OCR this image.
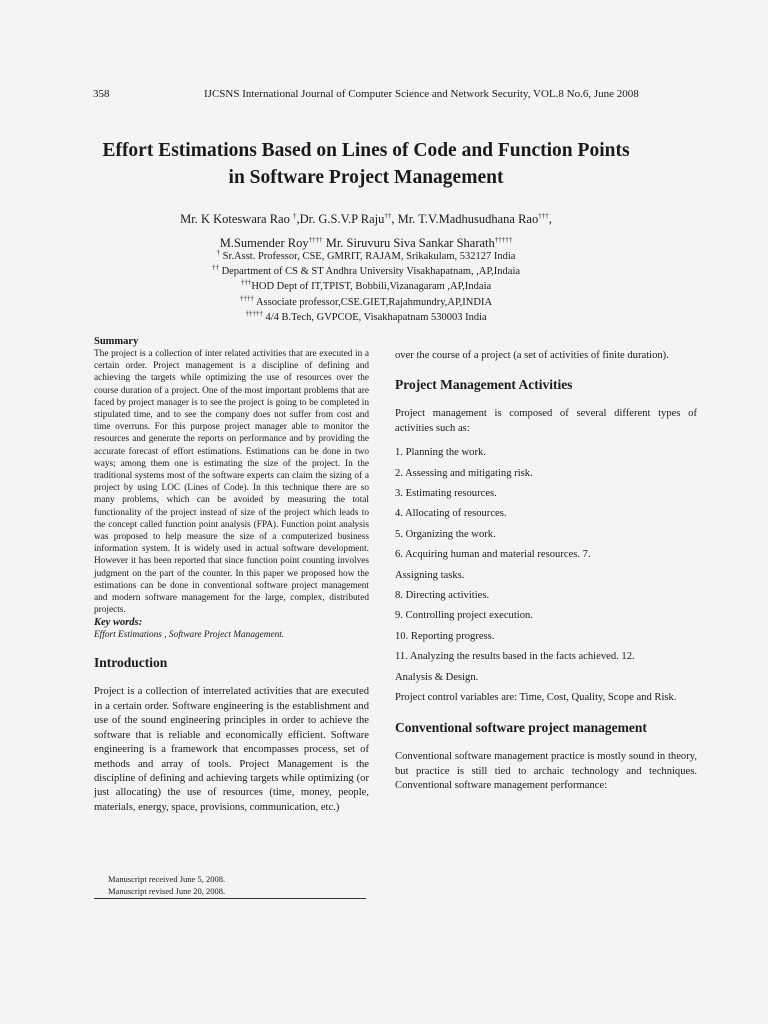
358	IJCSNS International Journal of Computer Science and Network Security, VOL.8 No.6, June 2008
Effort Estimations Based on Lines of Code and Function Points
in Software Project Management
Mr. K Koteswara Rao †,Dr. G.S.V.P Raju††, Mr. T.V.Madhusudhana Rao†††,
M.Sumender Roy†††† Mr. Siruvuru Siva Sankar Sharath†††††
† Sr.Asst. Professor, CSE, GMRIT, RAJAM, Srikakulam, 532127 India
†† Department of CS & ST Andhra University Visakhapatnam, ,AP,Indaia
†††HOD Dept of IT,TPIST, Bobbili,Vizanagaram ,AP,Indaia
†††† Associate professor,CSE.GIET,Rajahmundry,AP,INDIA
††††† 4/4 B.Tech, GVPCOE, Visakhapatnam 530003 India

Summary

The project is a collection of inter related activities that are executed in a certain order. Project management is a discipline of defining and achieving the targets while optimizing the use of resources over the course duration of a project. One of the most important problems that are faced by project manager is to see the project is going to be completed in stipulated time, and to see the company does not suffer from cost and time overruns. For this purpose project manager able to monitor the resources and generate the reports on performance and by providing the accurate forecast of effort estimations. Estimations can be done in two ways; among them one is estimating the size of the project. In the traditional systems most of the software experts can claim the sizing of a project by using LOC (Lines of Code). In this technique there are so many problems, which can be avoided by measuring the total functionality of the project instead of size of the project which leads to the concept called function point analysis (FPA). Function point analysis was proposed to help measure the size of a computerized business information system. It is widely used in actual software development. However it has been reported that since function point counting involves judgment on the part of the counter. In this paper we proposed how the estimations can be done in conventional software project management and modern software management for the large, complex, distributed projects.

Key words:

Effort Estimations , Software Project Management.

Introduction

Project is a collection of interrelated activities that are executed in a certain order. Software engineering is the establishment and use of the sound engineering principles in order to achieve the software that is reliable and economically efficient. Software engineering is a framework that encompasses process, set of methods and array of tools. Project Management is the discipline of defining and achieving targets while optimizing (or just allocating) the use of resources (time, money, people, materials, energy, space, provisions, communication, etc.)

over the course of a project (a set of activities of finite duration).

Project Management Activities

Project management is composed of several different types of activities such as:

1. Planning the work.

2. Assessing and mitigating risk.

3. Estimating resources.

4. Allocating of resources.

5. Organizing the work.

6. Acquiring human and material resources. 7.

Assigning tasks.

8. Directing activities.

9. Controlling project execution.

10. Reporting progress.

11. Analyzing the results based in the facts achieved. 12.

Analysis & Design.

Project control variables are: Time, Cost, Quality, Scope and Risk.

Conventional software project management

Conventional software management practice is mostly sound in theory, but practice is still tied to archaic technology and techniques. Conventional software management performance:

Manuscript received June 5, 2008.
Manuscript revised June 20, 2008.
